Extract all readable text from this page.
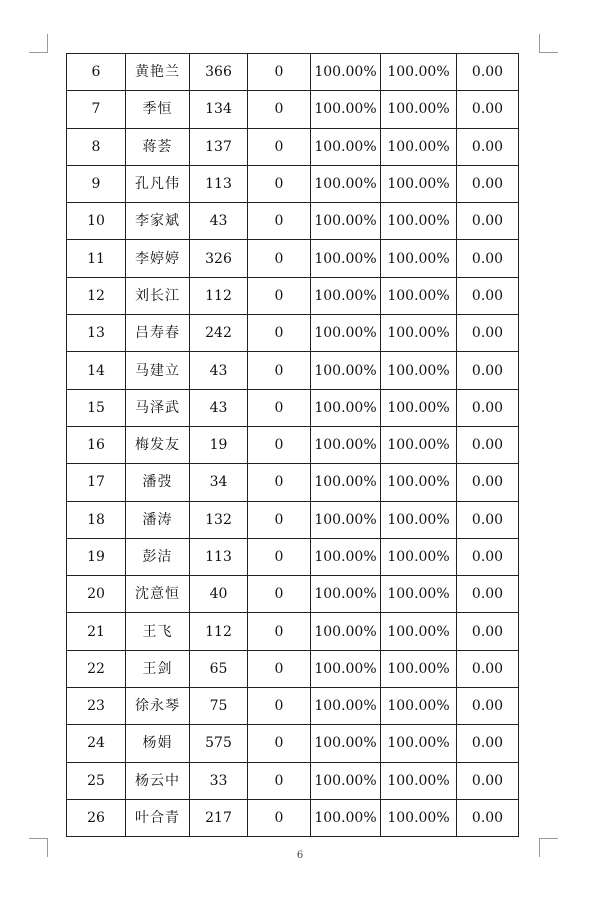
6	黄艳兰	366	0	100.00%	100.00%	0.00
7	季恒	134	0	100.00%	100.00%	0.00
8	蒋荟	137	0	100.00%	100.00%	0.00
9	孔凡伟	113	0	100.00%	100.00%	0.00
10	李家斌	43	0	100.00%	100.00%	0.00
11	李婷婷	326	0	100.00%	100.00%	0.00
12	刘长江	112	0	100.00%	100.00%	0.00
13	吕寿春	242	0	100.00%	100.00%	0.00
14	马建立	43	0	100.00%	100.00%	0.00
15	马泽武	43	0	100.00%	100.00%	0.00
16	梅发友	19	0	100.00%	100.00%	0.00
17	潘弢	34	0	100.00%	100.00%	0.00
18	潘涛	132	0	100.00%	100.00%	0.00
19	彭洁	113	0	100.00%	100.00%	0.00
20	沈意恒	40	0	100.00%	100.00%	0.00
21	王飞	112	0	100.00%	100.00%	0.00
22	王剑	65	0	100.00%	100.00%	0.00
23	徐永琴	75	0	100.00%	100.00%	0.00
24	杨娟	575	0	100.00%	100.00%	0.00
25	杨云中	33	0	100.00%	100.00%	0.00
26	叶合青	217	0	100.00%	100.00%	0.00
6
